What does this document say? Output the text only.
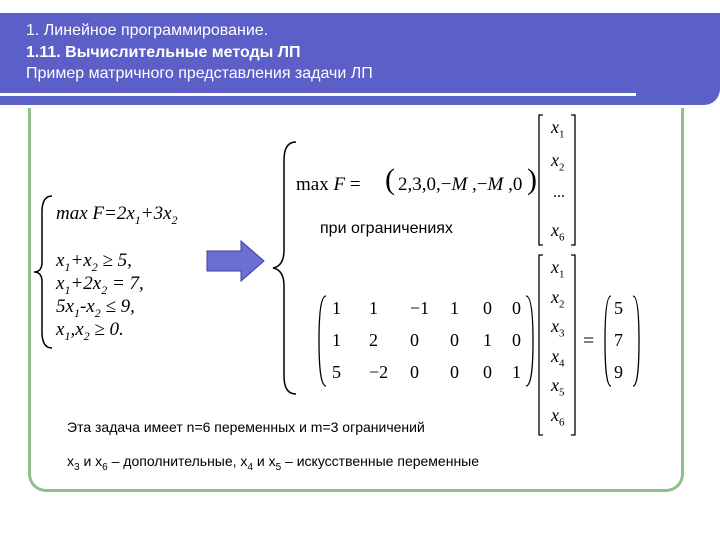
1. Линейное программирование.
1.11. Вычислительные методы ЛП
Пример матричного представления задачи ЛП
$\max F=2x_1+3x_2$
$x_1+x_2 \ge 5$,
$x_1+2x_2 = 7$,
$5x_1-x_2 \le 9$,
$x_1,x_2 \ge 0$.
max F = ( 2,3,0,−M ,−M ,0 )
при ограничениях
$x_1$
$x_2$
...
$x_6$
1 1 −1 1 0 0
1 2 0 0 1 0
5 −2 0 0 0 1
$x_1$
$x_2$
$x_3$
$x_4$
$x_5$
$x_6$
=
5
7
9
Эта задача имеет n=6 переменных и m=3 ограничений
$x_3$ и $x_6$ – дополнительные, $x_4$ и $x_5$ – искусственные переменные
